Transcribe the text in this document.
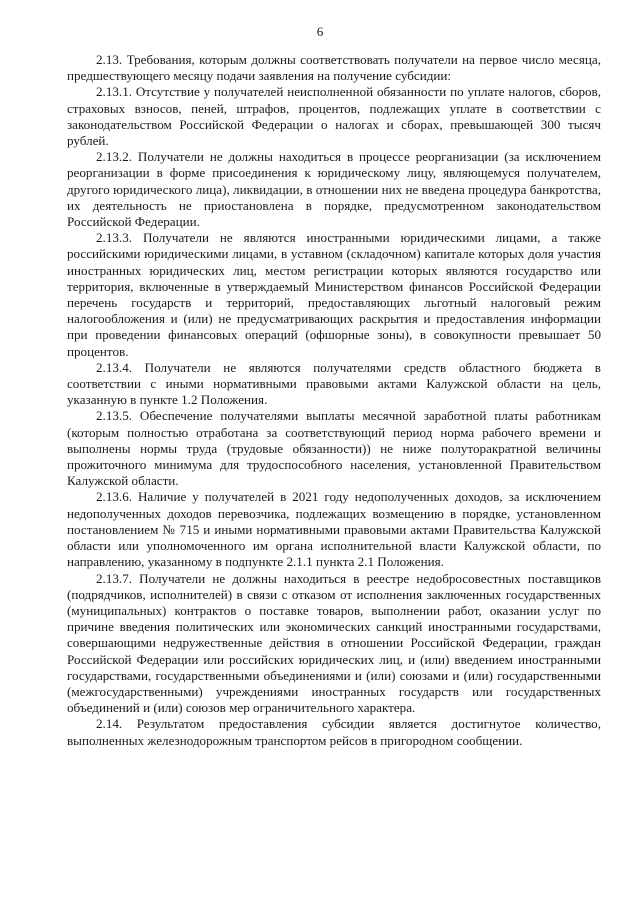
6

2.13. Требования, которым должны соответствовать получатели на первое число месяца, предшествующего месяцу подачи заявления на получение субсидии:

2.13.1. Отсутствие у получателей неисполненной обязанности по уплате налогов, сборов, страховых взносов, пеней, штрафов, процентов, подлежащих уплате в соответствии с законодательством Российской Федерации о налогах и сборах, превышающей 300 тысяч рублей.

2.13.2. Получатели не должны находиться в процессе реорганизации (за исключением реорганизации в форме присоединения к юридическому лицу, являющемуся получателем, другого юридического лица), ликвидации, в отношении них не введена процедура банкротства, их деятельность не приостановлена в порядке, предусмотренном законодательством Российской Федерации.

2.13.3. Получатели не являются иностранными юридическими лицами, а также российскими юридическими лицами, в уставном (складочном) капитале которых доля участия иностранных юридических лиц, местом регистрации которых являются государство или территория, включенные в утверждаемый Министерством финансов Российской Федерации перечень государств и территорий, предоставляющих льготный налоговый режим налогообложения и (или) не предусматривающих раскрытия и предоставления информации при проведении финансовых операций (офшорные зоны), в совокупности превышает 50 процентов.

2.13.4. Получатели не являются получателями средств областного бюджета в соответствии с иными нормативными правовыми актами Калужской области на цель, указанную в пункте 1.2 Положения.

2.13.5. Обеспечение получателями выплаты месячной заработной платы работникам (которым полностью отработана за соответствующий период норма рабочего времени и выполнены нормы труда (трудовые обязанности)) не ниже полуторакратной величины прожиточного минимума для трудоспособного населения, установленной Правительством Калужской области.

2.13.6. Наличие у получателей в 2021 году недополученных доходов, за исключением недополученных доходов перевозчика, подлежащих возмещению в порядке, установленном постановлением № 715 и иными нормативными правовыми актами Правительства Калужской области или уполномоченного им органа исполнительной власти Калужской области, по направлению, указанному в подпункте 2.1.1 пункта 2.1 Положения.

2.13.7. Получатели не должны находиться в реестре недобросовестных поставщиков (подрядчиков, исполнителей) в связи с отказом от исполнения заключенных государственных (муниципальных) контрактов о поставке товаров, выполнении работ, оказании услуг по причине введения политических или экономических санкций иностранными государствами, совершающими недружественные действия в отношении Российской Федерации, граждан Российской Федерации или российских юридических лиц, и (или) введением иностранными государствами, государственными объединениями и (или) союзами и (или) государственными (межгосударственными) учреждениями иностранных государств или государственных объединений и (или) союзов мер ограничительного характера.

2.14. Результатом предоставления субсидии является достигнутое количество, выполненных железнодорожным транспортом рейсов в пригородном сообщении.
